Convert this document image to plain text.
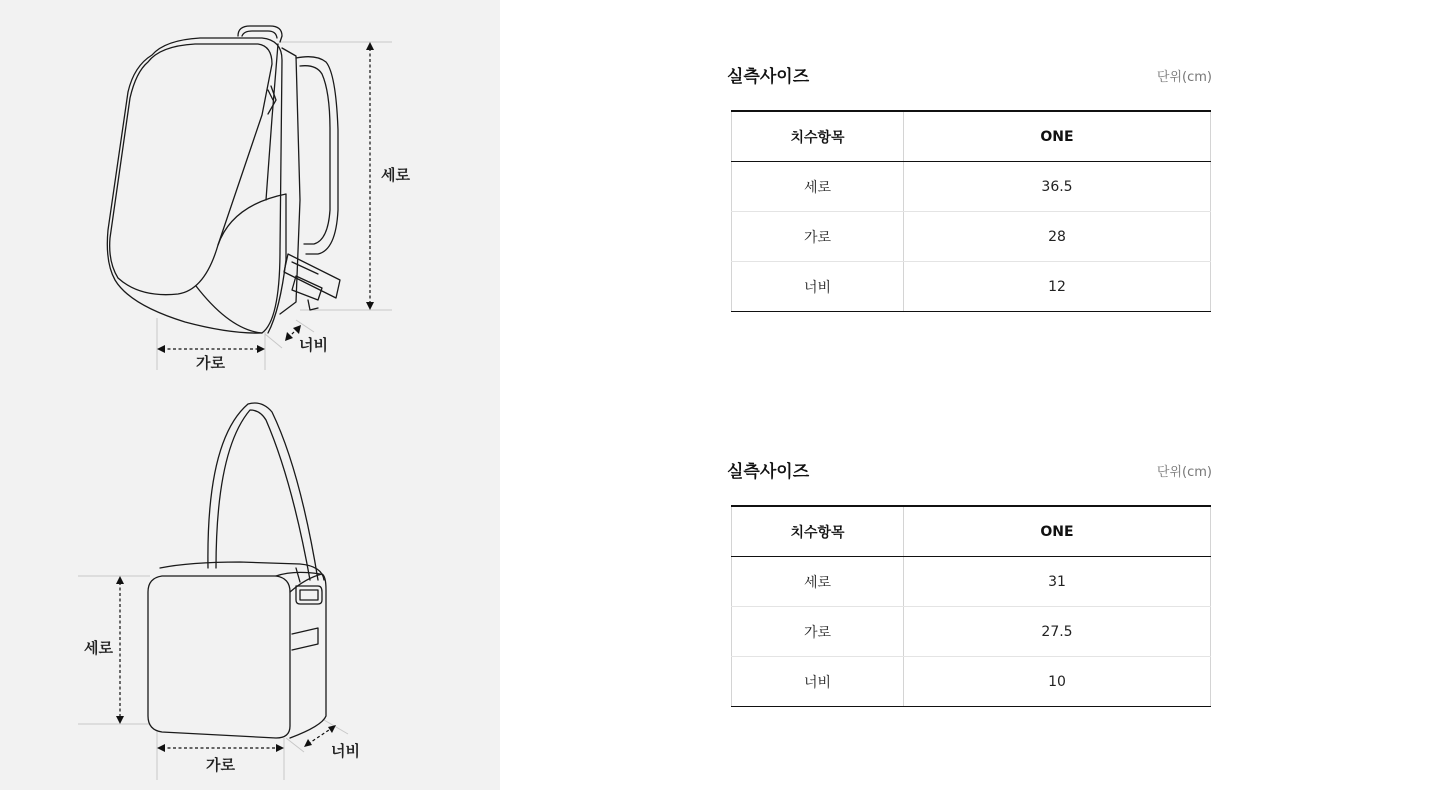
세로
가로
너비
세로
가로
너비
실측사이즈	단위(cm)
치수항목	ONE
세로	36.5
가로	28
너비	12
실측사이즈	단위(cm)
치수항목	ONE
세로	31
가로	27.5
너비	10
